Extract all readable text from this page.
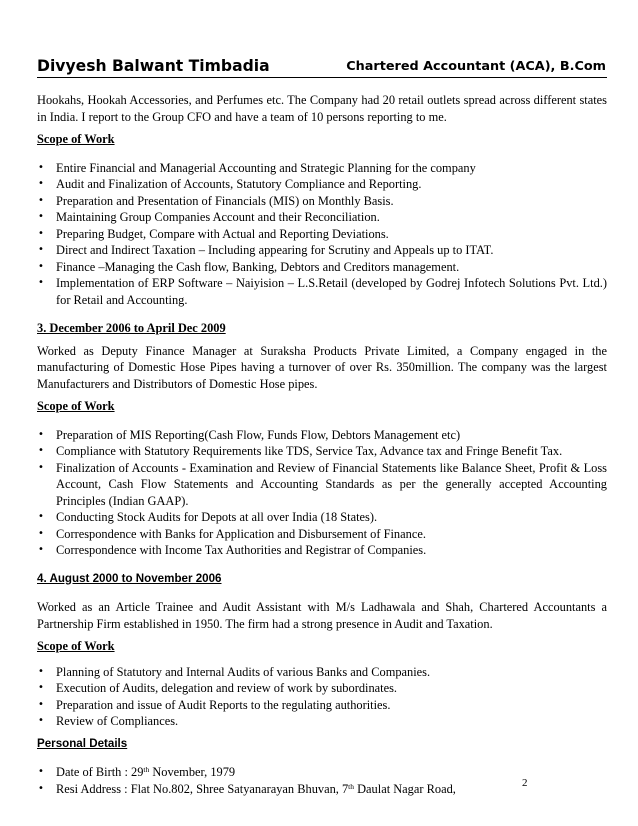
Divyesh Balwant Timbadia	Chartered Accountant (ACA), B.Com

Hookahs, Hookah Accessories, and Perfumes etc. The Company had 20 retail outlets spread across different states in India. I report to the Group CFO and have a team of 10 persons reporting to me.

Scope of Work
• Entire Financial and Managerial Accounting and Strategic Planning for the company
• Audit and Finalization of Accounts, Statutory Compliance and Reporting.
• Preparation and Presentation of Financials (MIS) on Monthly Basis.
• Maintaining Group Companies Account and their Reconciliation.
• Preparing Budget, Compare with Actual and Reporting Deviations.
• Direct and Indirect Taxation – Including appearing for Scrutiny and Appeals up to ITAT.
• Finance –Managing the Cash flow, Banking, Debtors and Creditors management.
• Implementation of ERP Software – Naiyision – L.S.Retail (developed by Godrej Infotech Solutions Pvt. Ltd.) for Retail and Accounting.
3. December 2006 to April Dec 2009

Worked as Deputy Finance Manager at Suraksha Products Private Limited, a Company engaged in the manufacturing of Domestic Hose Pipes having a turnover of over Rs. 350million. The company was the largest Manufacturers and Distributors of Domestic Hose pipes.

Scope of Work
• Preparation of MIS Reporting(Cash Flow, Funds Flow, Debtors Management etc)
• Compliance with Statutory Requirements like TDS, Service Tax, Advance tax and Fringe Benefit Tax.
• Finalization of Accounts - Examination and Review of Financial Statements like Balance Sheet, Profit & Loss Account, Cash Flow Statements and Accounting Standards as per the generally accepted Accounting Principles (Indian GAAP).
• Conducting Stock Audits for Depots at all over India (18 States).
• Correspondence with Banks for Application and Disbursement of Finance.
• Correspondence with Income Tax Authorities and Registrar of Companies.
4. August 2000 to November 2006

Worked as an Article Trainee and Audit Assistant with M/s Ladhawala and Shah, Chartered Accountants a Partnership Firm established in 1950. The firm had a strong presence in Audit and Taxation.

Scope of Work
• Planning of Statutory and Internal Audits of various Banks and Companies.
• Execution of Audits, delegation and review of work by subordinates.
• Preparation and issue of Audit Reports to the regulating authorities.
• Review of Compliances.
Personal Details
• Date of Birth : 29th November, 1979
• Resi Address : Flat No.802, Shree Satyanarayan Bhuvan, 7th Daulat Nagar Road,	2
